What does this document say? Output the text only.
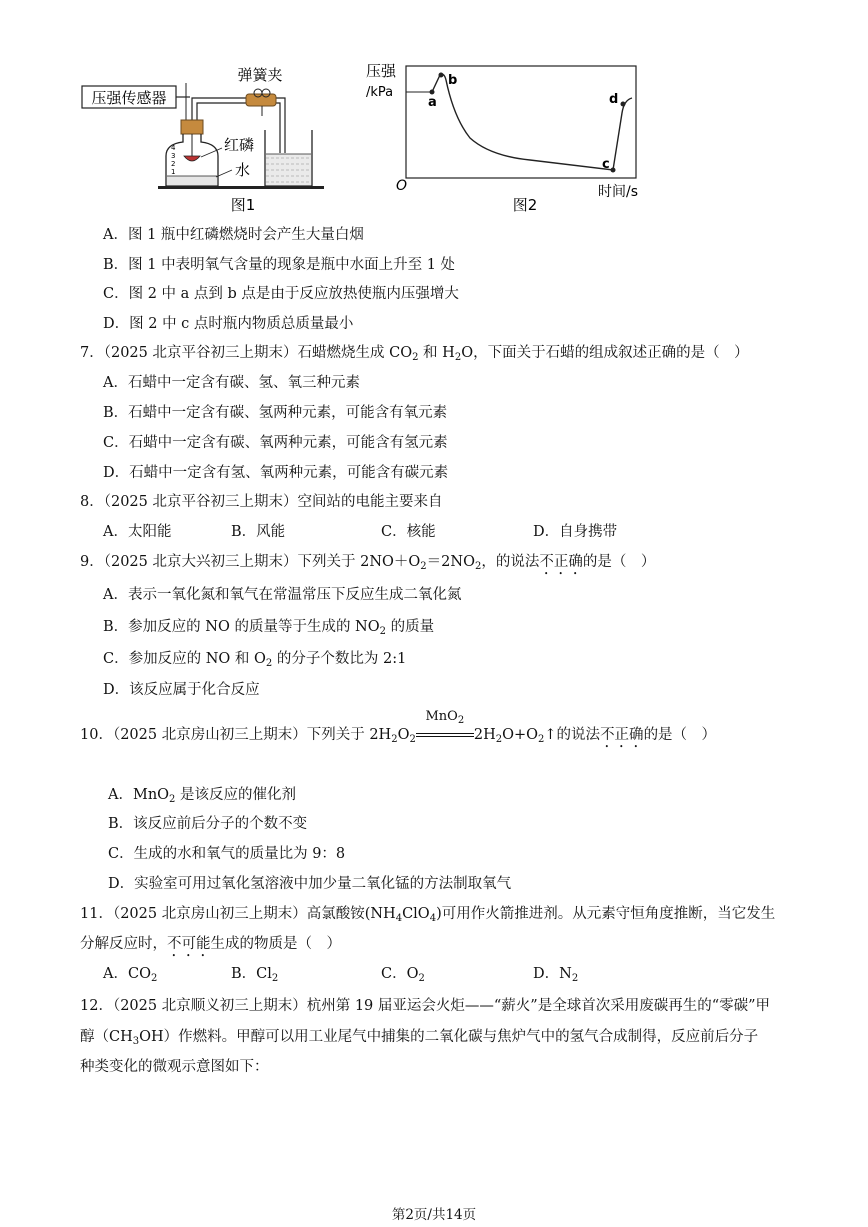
压强传感器
弹簧夹
4
3
2
1
红磷
水
图1
压强
/kPa
O	时间/s
a
b
c
d
图2
A．图 1 瓶中红磷燃烧时会产生大量白烟
B．图 1 中表明氧气含量的现象是瓶中水面上升至 1 处
C．图 2 中 a 点到 b 点是由于反应放热使瓶内压强增大
D．图 2 中 c 点时瓶内物质总质量最小
7．（2025 北京平谷初三上期末）石蜡燃烧生成 $CO_2$ 和 $H_2O$，下面关于石蜡的组成叙述正确的是（　）
A．石蜡中一定含有碳、氢、氧三种元素
B．石蜡中一定含有碳、氢两种元素，可能含有氧元素
C．石蜡中一定含有碳、氧两种元素，可能含有氢元素
D．石蜡中一定含有氢、氧两种元素，可能含有碳元素
8．（2025 北京平谷初三上期末）空间站的电能主要来自
A．太阳能	B．风能	C．核能	D．自身携带
9．（2025 北京大兴初三上期末）下列关于 $2NO+O_2=2NO_2$，的说法不正确的是（　）
A．表示一氧化氮和氧气在常温常压下反应生成二氧化氮
B．参加反应的 NO 的质量等于生成的 $NO_2$ 的质量
C．参加反应的 NO 和 $O_2$ 的分子个数比为 2:1
D．该反应属于化合反应
10．（2025 北京房山初三上期末）下列关于 $2H_2O_2$
MnO$_2$
$2H_2O+O_2↑$的说法不正确的是（　）
A．MnO$_2$ 是该反应的催化剂
B．该反应前后分子的个数不变
C．生成的水和氧气的质量比为 9：8
D．实验室可用过氧化氢溶液中加少量二氧化锰的方法制取氧气
11．（2025 北京房山初三上期末）高氯酸铵$(NH_4ClO_4)$可用作火箭推进剂。从元素守恒角度推断，当它发生
分解反应时，不可能生成的物质是（　）
A．$CO_2$	B．$Cl_2$	C．$O_2$	D．$N_2$
12．（2025 北京顺义初三上期末）杭州第 19 届亚运会火炬——“薪火”是全球首次采用废碳再生的“零碳”甲
醇$(CH_3OH)$作燃料。甲醇可以用工业尾气中捕集的二氧化碳与焦炉气中的氢气合成制得，反应前后分子
种类变化的微观示意图如下：
第2页/共14页
